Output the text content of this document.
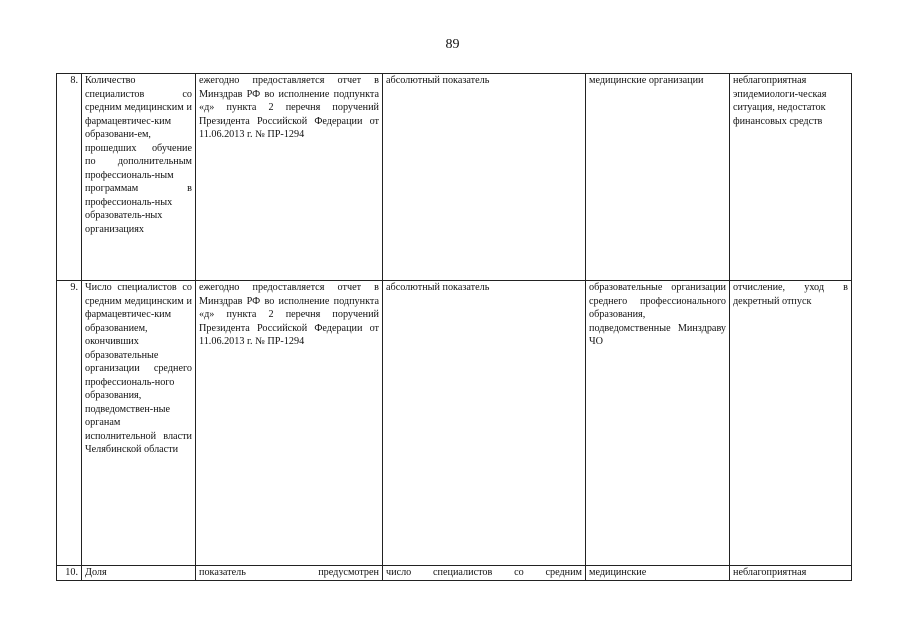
89
8.	Количество специалистов со средним медицинским и фармацевтичес-ким образовани-ем, прошедших обучение по дополнительным профессиональ-ным программам в профессиональ-ных образователь-ных организациях	ежегодно предоставляется отчет в Минздрав РФ во исполнение подпункта «д» пункта 2 перечня поручений Президента Российской Федерации от 11.06.2013 г. № ПР-1294	абсолютный показатель	медицинские организации	неблагоприятная эпидемиологи-ческая ситуация, недостаток финансовых средств
9.	Число специалистов со средним медицинским и фармацевтичес-ким образованием, окончивших образовательные организации среднего профессиональ-ного образования, подведомствен-ные органам исполнительной власти Челябинской области	ежегодно предоставляется отчет в Минздрав РФ во исполнение подпункта «д» пункта 2 перечня поручений Президента Российской Федерации от 11.06.2013 г. № ПР-1294	абсолютный показатель	образовательные организации среднего профессионального образования, подведомственные Минздраву ЧО	отчисление, уход в декретный отпуск

10.	Доля	показатель предусмотрен	число специалистов со средним	медицинские	неблагоприятная
